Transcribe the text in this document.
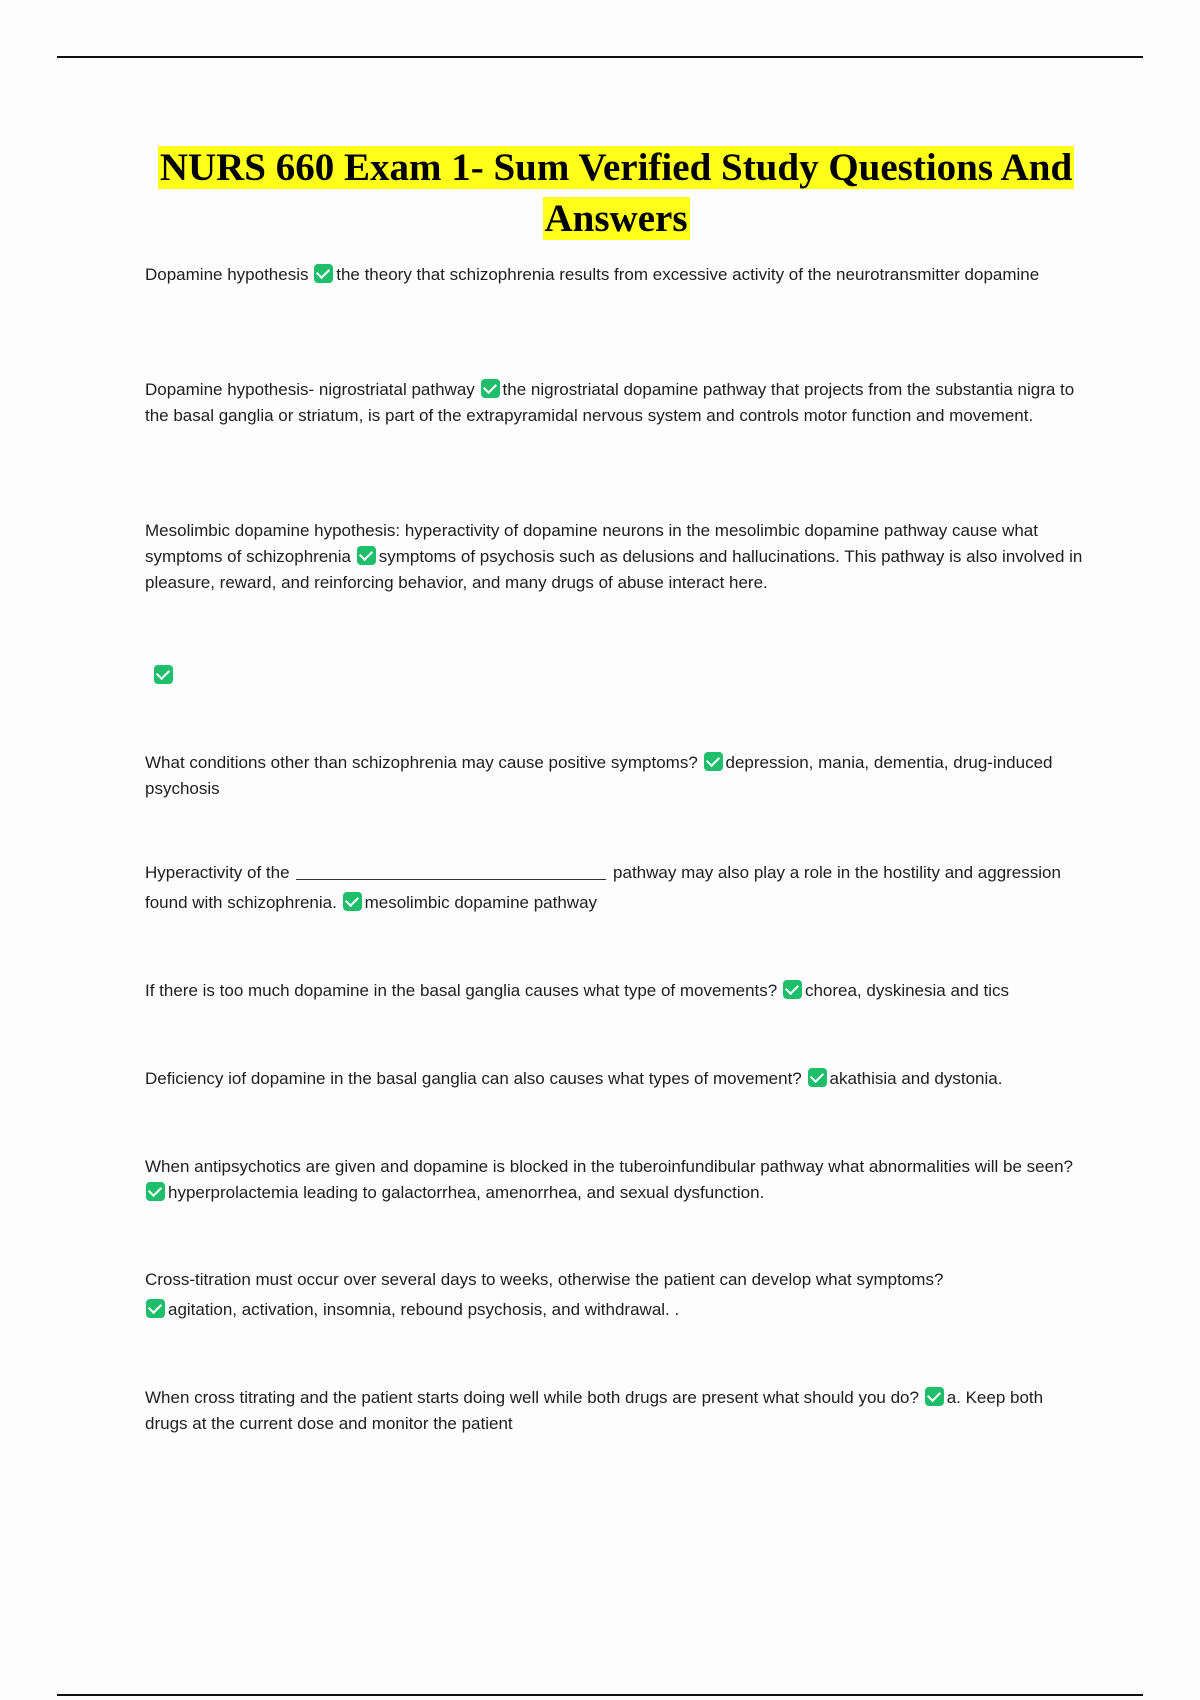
NURS 660 Exam 1- Sum Verified Study Questions And
Answers
Dopamine hypothesis the theory that schizophrenia results from excessive activity of the neurotransmitter dopamine
Dopamine hypothesis- nigrostriatal pathway the nigrostriatal dopamine pathway that projects from the substantia nigra to the basal ganglia or striatum, is part of the extrapyramidal nervous system and controls motor function and movement.
Mesolimbic dopamine hypothesis: hyperactivity of dopamine neurons in the mesolimbic dopamine pathway cause what symptoms of schizophrenia symptoms of psychosis such as delusions and hallucinations. This pathway is also involved in pleasure, reward, and reinforcing behavior, and many drugs of abuse interact here.
What conditions other than schizophrenia may cause positive symptoms? depression, mania, dementia, drug-induced psychosis
Hyperactivity of the	pathway may also play a role in the hostility and aggression found with schizophrenia. mesolimbic dopamine pathway
If there is too much dopamine in the basal ganglia causes what type of movements? chorea, dyskinesia and tics
Deficiency iof dopamine in the basal ganglia can also causes what types of movement? akathisia and dystonia.
When antipsychotics are given and dopamine is blocked in the tuberoinfundibular pathway what abnormalities will be seen? hyperprolactemia leading to galactorrhea, amenorrhea, and sexual dysfunction.
Cross-titration must occur over several days to weeks, otherwise the patient can develop what symptoms?
agitation, activation, insomnia, rebound psychosis, and withdrawal. .
When cross titrating and the patient starts doing well while both drugs are present what should you do? a. Keep both drugs at the current dose and monitor the patient
